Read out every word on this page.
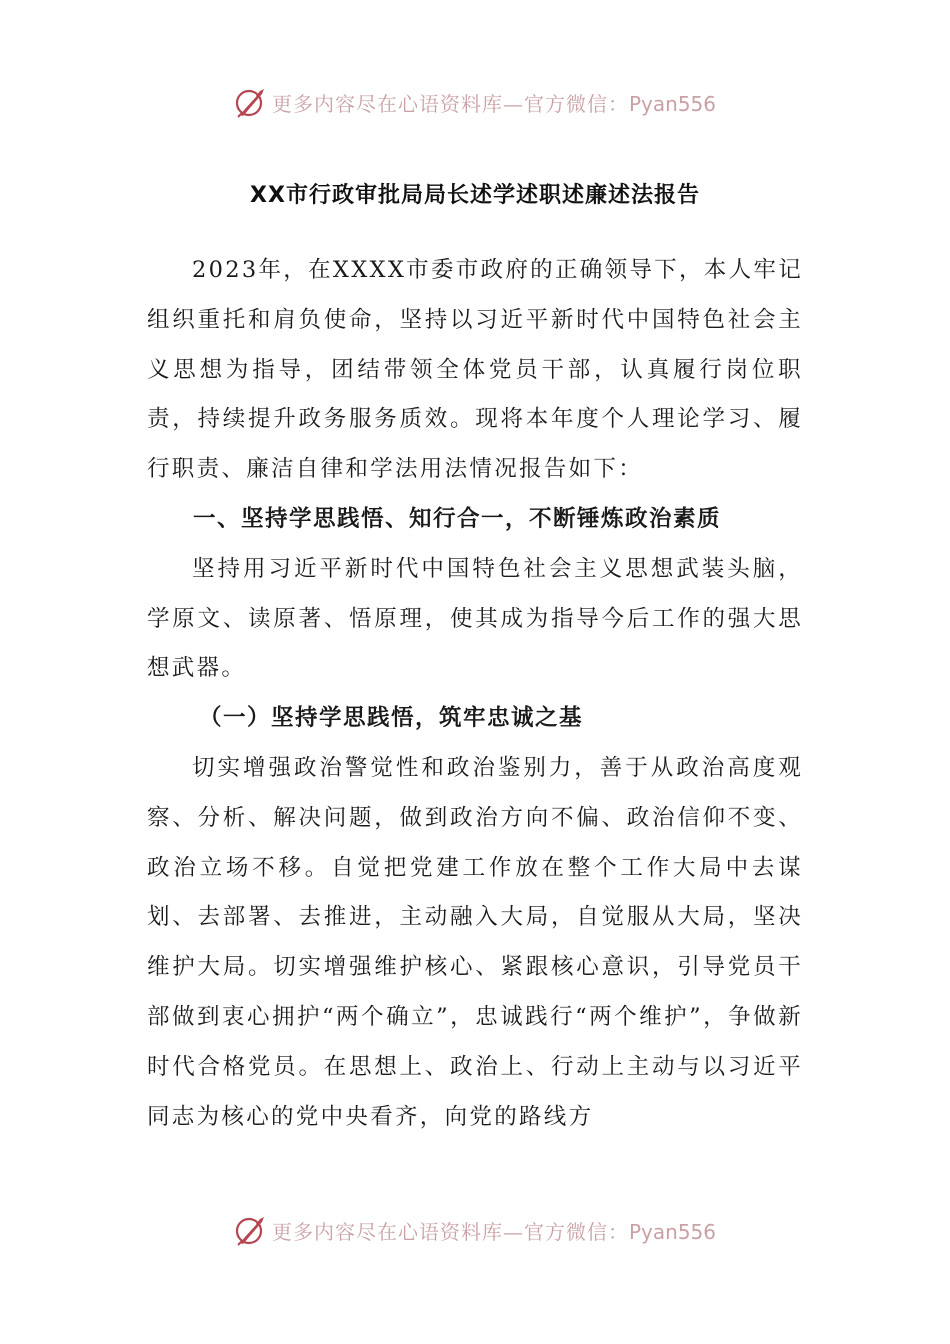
更多内容尽在心语资料库—官方微信：Pyan556
XX市行政审批局局长述学述职述廉述法报告

2023年，在XXXX市委市政府的正确领导下，本人牢记组织重托和肩负使命，坚持以习近平新时代中国特色社会主义思想为指导，团结带领全体党员干部，认真履行岗位职责，持续提升政务服务质效。现将本年度个人理论学习、履行职责、廉洁自律和学法用法情况报告如下：

一、坚持学思践悟、知行合一，不断锤炼政治素质

坚持用习近平新时代中国特色社会主义思想武装头脑，学原文、读原著、悟原理，使其成为指导今后工作的强大思想武器。

（一）坚持学思践悟，筑牢忠诚之基

切实增强政治警觉性和政治鉴别力，善于从政治高度观察、分析、解决问题，做到政治方向不偏、政治信仰不变、政治立场不移。自觉把党建工作放在整个工作大局中去谋划、去部署、去推进，主动融入大局，自觉服从大局，坚决维护大局。切实增强维护核心、紧跟核心意识，引导党员干部做到衷心拥护“两个确立”，忠诚践行“两个维护”，争做新时代合格党员。在思想上、政治上、行动上主动与以习近平同志为核心的党中央看齐，向党的路线方

更多内容尽在心语资料库—官方微信：Pyan556
